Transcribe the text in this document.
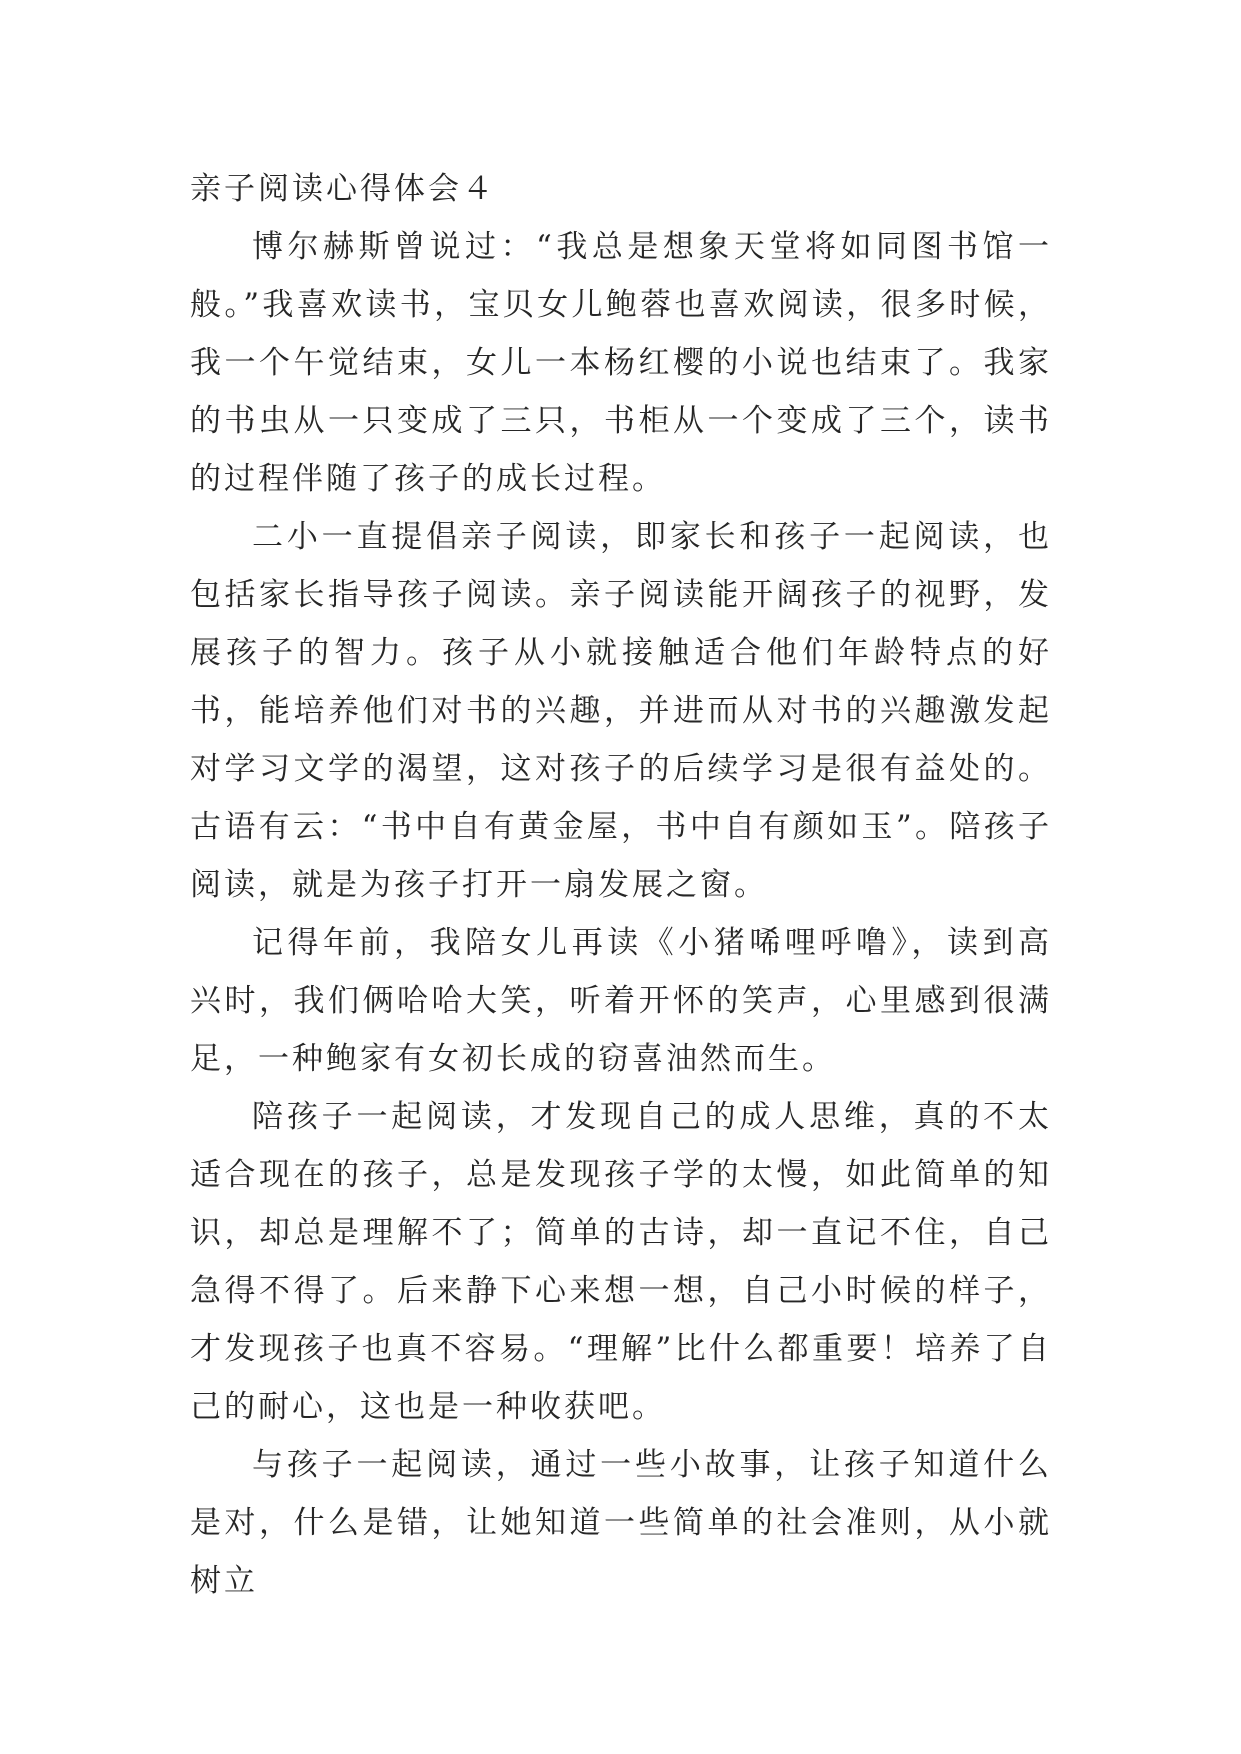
亲子阅读心得体会４

博尔赫斯曾说过：“我总是想象天堂将如同图书馆一般。”我喜欢读书，宝贝女儿鲍蓉也喜欢阅读，很多时候，我一个午觉结束，女儿一本杨红樱的小说也结束了。我家的书虫从一只变成了三只，书柜从一个变成了三个，读书的过程伴随了孩子的成长过程。

二小一直提倡亲子阅读，即家长和孩子一起阅读，也包括家长指导孩子阅读。亲子阅读能开阔孩子的视野，发展孩子的智力。孩子从小就接触适合他们年龄特点的好书，能培养他们对书的兴趣，并进而从对书的兴趣激发起对学习文学的渴望，这对孩子的后续学习是很有益处的。古语有云：“书中自有黄金屋，书中自有颜如玉”。陪孩子阅读，就是为孩子打开一扇发展之窗。

记得年前，我陪女儿再读《小猪唏哩呼噜》，读到高兴时，我们俩哈哈大笑，听着开怀的笑声，心里感到很满足，一种鲍家有女初长成的窃喜油然而生。

陪孩子一起阅读，才发现自己的成人思维，真的不太适合现在的孩子，总是发现孩子学的太慢，如此简单的知识，却总是理解不了；简单的古诗，却一直记不住，自己急得不得了。后来静下心来想一想，自己小时候的样子，才发现孩子也真不容易。“理解”比什么都重要！培养了自己的耐心，这也是一种收获吧。

与孩子一起阅读，通过一些小故事，让孩子知道什么是对，什么是错，让她知道一些简单的社会准则，从小就树立
